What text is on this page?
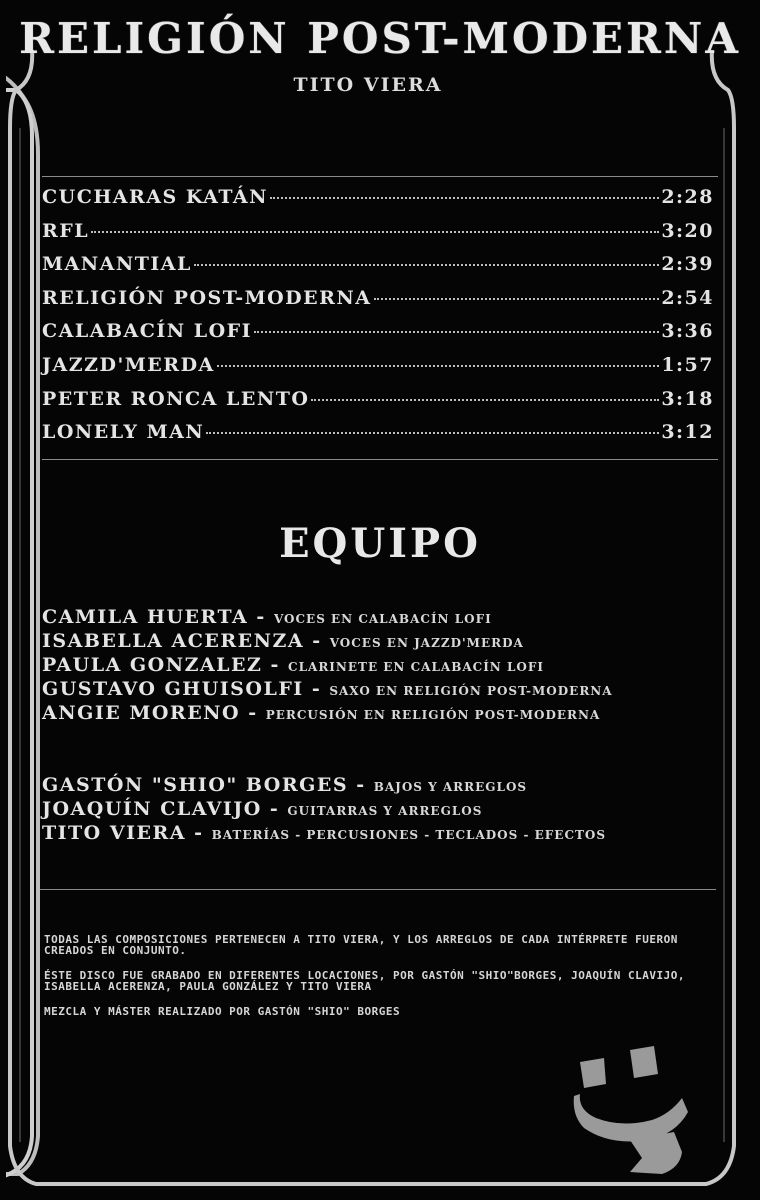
RELIGIÓN POST-MODERNA
TITO VIERA
CUCHARAS KATÁN	2:28
RFL	3:20
MANANTIAL	2:39
RELIGIÓN POST-MODERNA	2:54
CALABACÍN LOFI	3:36
JAZZD'MERDA	1:57
PETER RONCA LENTO	3:18
LONELY MAN	3:12
EQUIPO
CAMILA HUERTA - VOCES EN CALABACÍN LOFI
ISABELLA ACERENZA - VOCES EN JAZZD'MERDA
PAULA GONZALEZ - CLARINETE EN CALABACÍN LOFI
GUSTAVO GHUISOLFI - SAXO EN RELIGIÓN POST-MODERNA
ANGIE MORENO - PERCUSIÓN EN RELIGIÓN POST-MODERNA
GASTÓN "SHIO" BORGES - BAJOS Y ARREGLOS
JOAQUÍN CLAVIJO - GUITARRAS Y ARREGLOS
TITO VIERA - BATERÍAS - PERCUSIONES - TECLADOS - EFECTOS

TODAS LAS COMPOSICIONES PERTENECEN A TITO VIERA, Y LOS ARREGLOS DE CADA INTÉRPRETE FUERON CREADOS EN CONJUNTO.

ÉSTE DISCO FUE GRABADO EN DIFERENTES LOCACIONES, POR GASTÓN "SHIO"BORGES, JOAQUÍN CLAVIJO, ISABELLA ACERENZA, PAULA GONZÁLEZ Y TITO VIERA

MEZCLA Y MÁSTER REALIZADO POR GASTÓN "SHIO" BORGES
